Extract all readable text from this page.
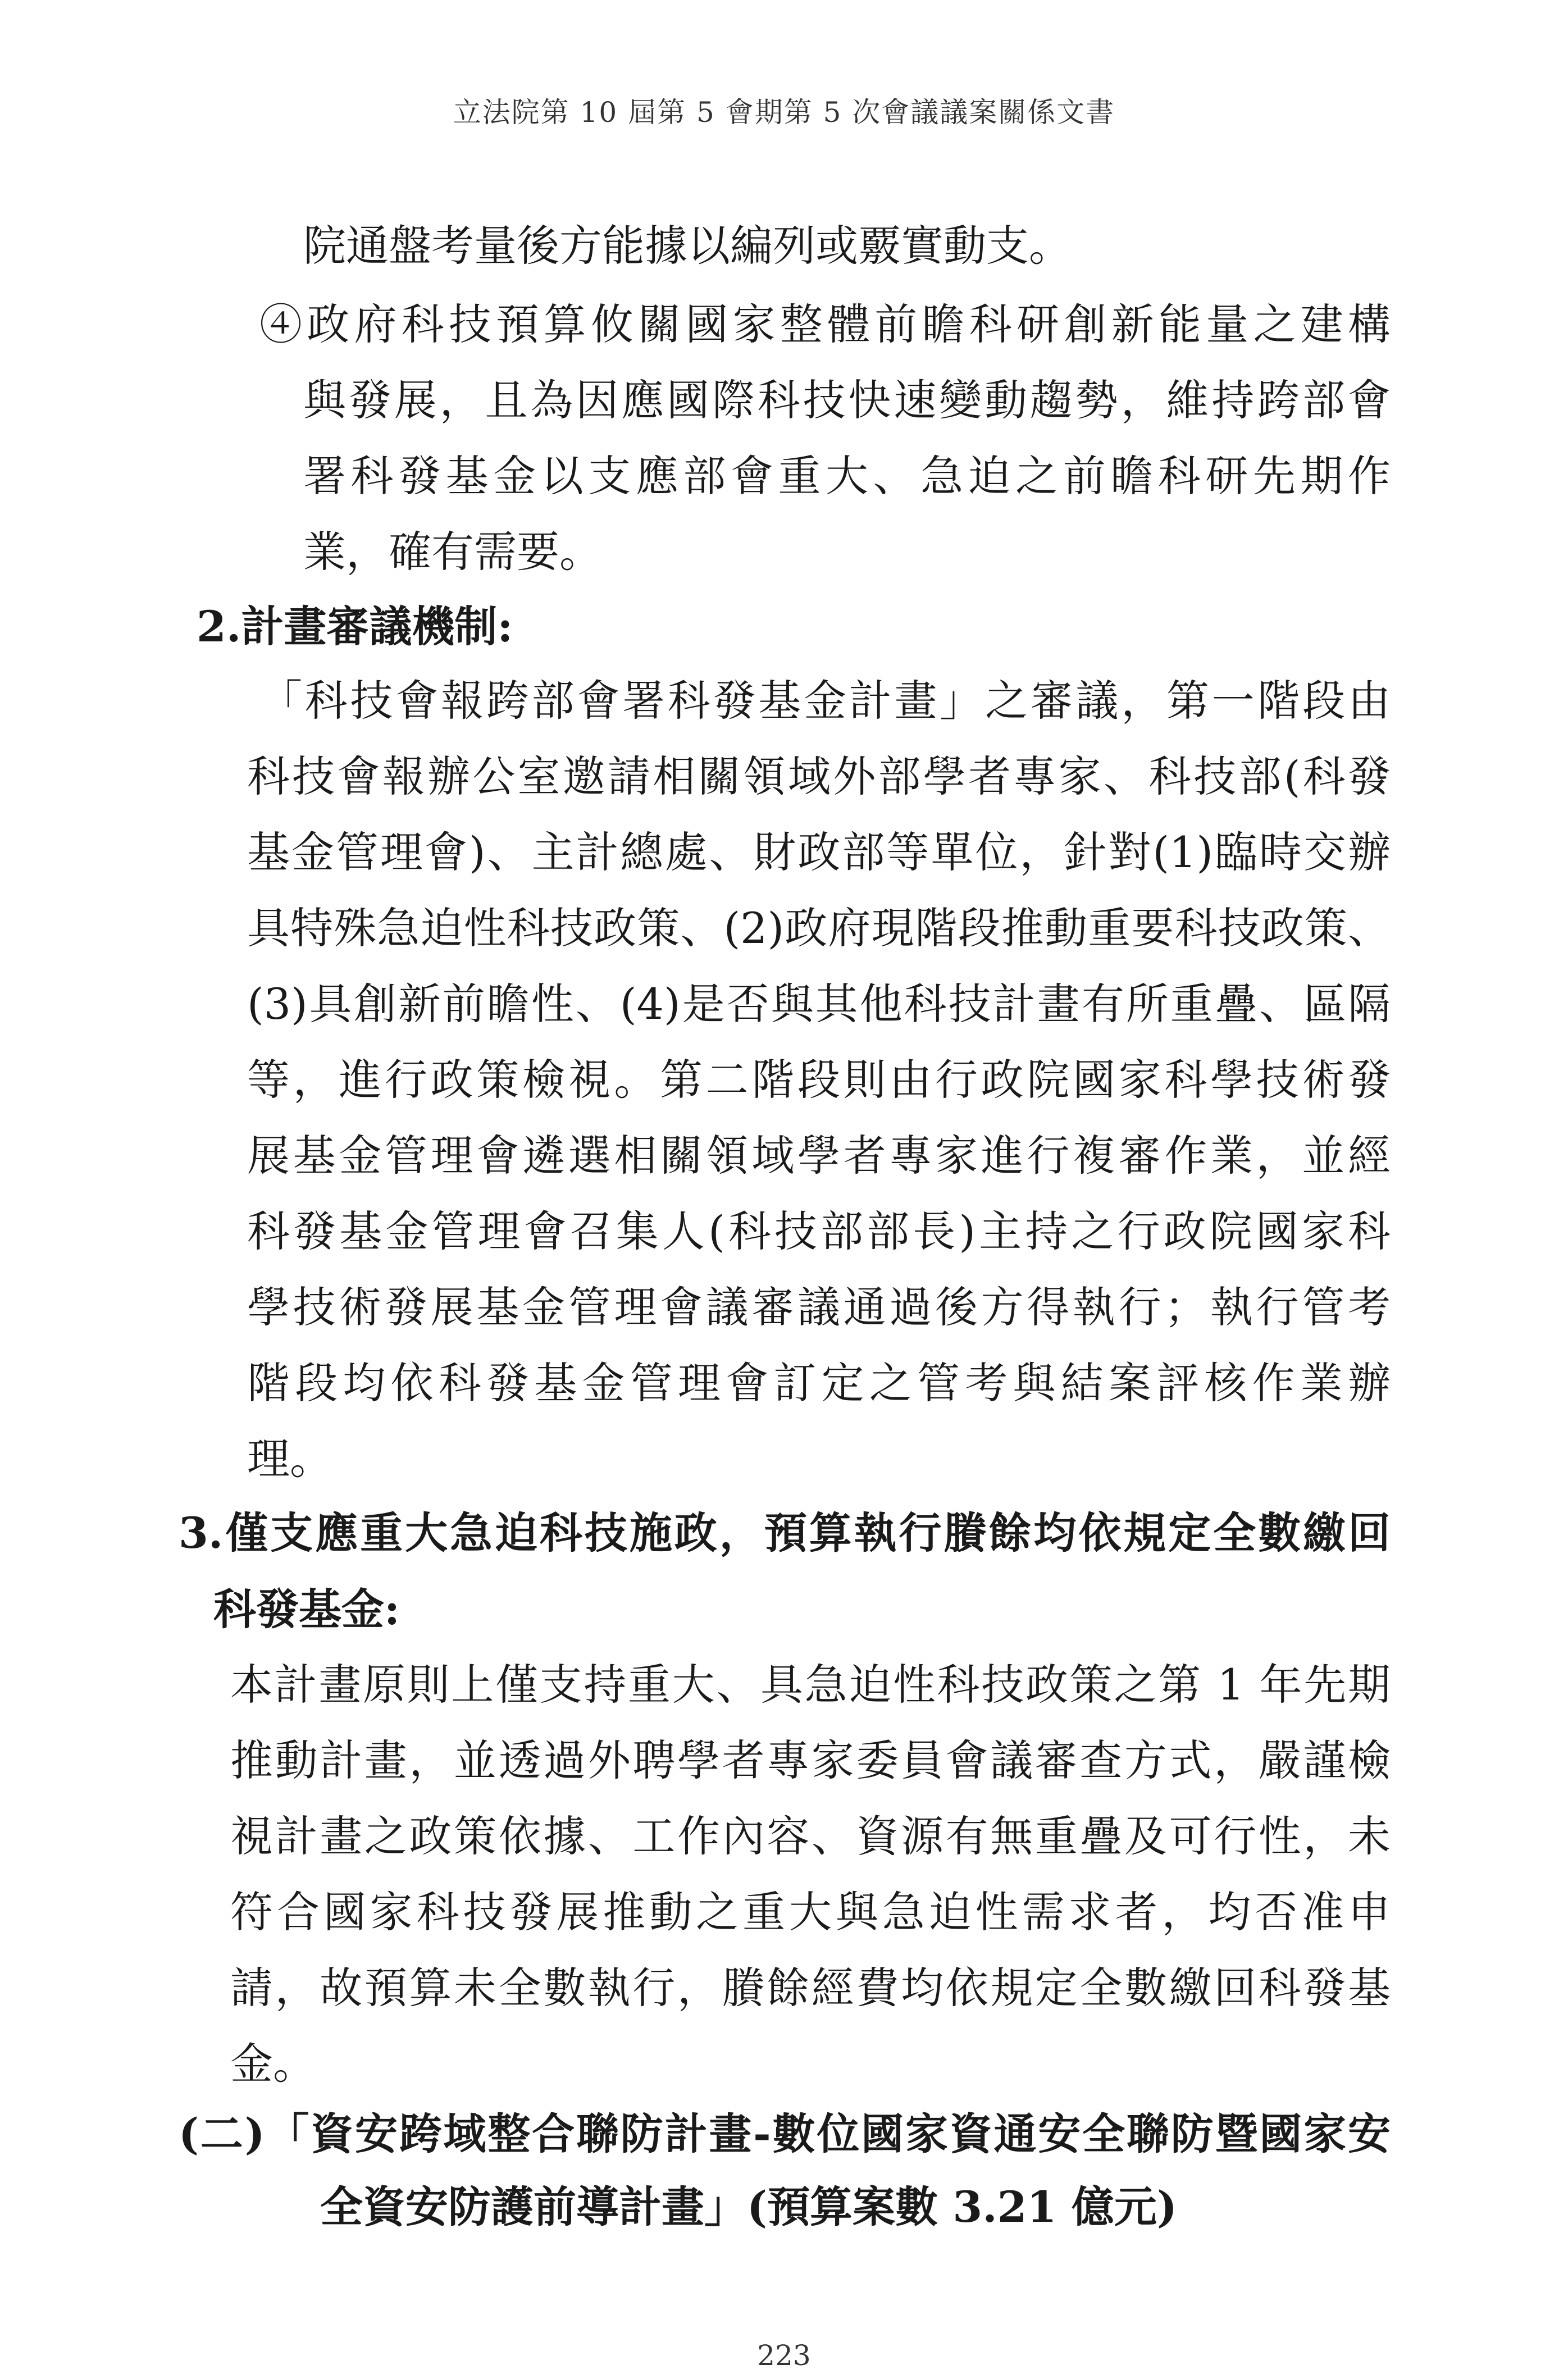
立法院第 10 屆第 5 會期第 5 次會議議案關係文書
院通盤考量後方能據以編列或覈實動支。
④政府科技預算攸關國家整體前瞻科研創新能量之建構
與發展，且為因應國際科技快速變動趨勢，維持跨部會
署科發基金以支應部會重大、急迫之前瞻科研先期作
業，確有需要。
2.計畫審議機制:
「科技會報跨部會署科發基金計畫」之審議，第一階段由
科技會報辦公室邀請相關領域外部學者專家、科技部(科發
基金管理會)、主計總處、財政部等單位，針對(1)臨時交辦
具特殊急迫性科技政策、(2)政府現階段推動重要科技政策、
(3)具創新前瞻性、(4)是否與其他科技計畫有所重疊、區隔
等，進行政策檢視。第二階段則由行政院國家科學技術發
展基金管理會遴選相關領域學者專家進行複審作業，並經
科發基金管理會召集人(科技部部長)主持之行政院國家科
學技術發展基金管理會議審議通過後方得執行；執行管考
階段均依科發基金管理會訂定之管考與結案評核作業辦
理。
3.僅支應重大急迫科技施政，預算執行賸餘均依規定全數繳回
科發基金:
本計畫原則上僅支持重大、具急迫性科技政策之第 1 年先期
推動計畫，並透過外聘學者專家委員會議審查方式，嚴謹檢
視計畫之政策依據、工作內容、資源有無重疊及可行性，未
符合國家科技發展推動之重大與急迫性需求者，均否准申
請，故預算未全數執行，賸餘經費均依規定全數繳回科發基
金。
(二)「資安跨域整合聯防計畫-數位國家資通安全聯防暨國家安
全資安防護前導計畫」(預算案數 3.21 億元)
223
